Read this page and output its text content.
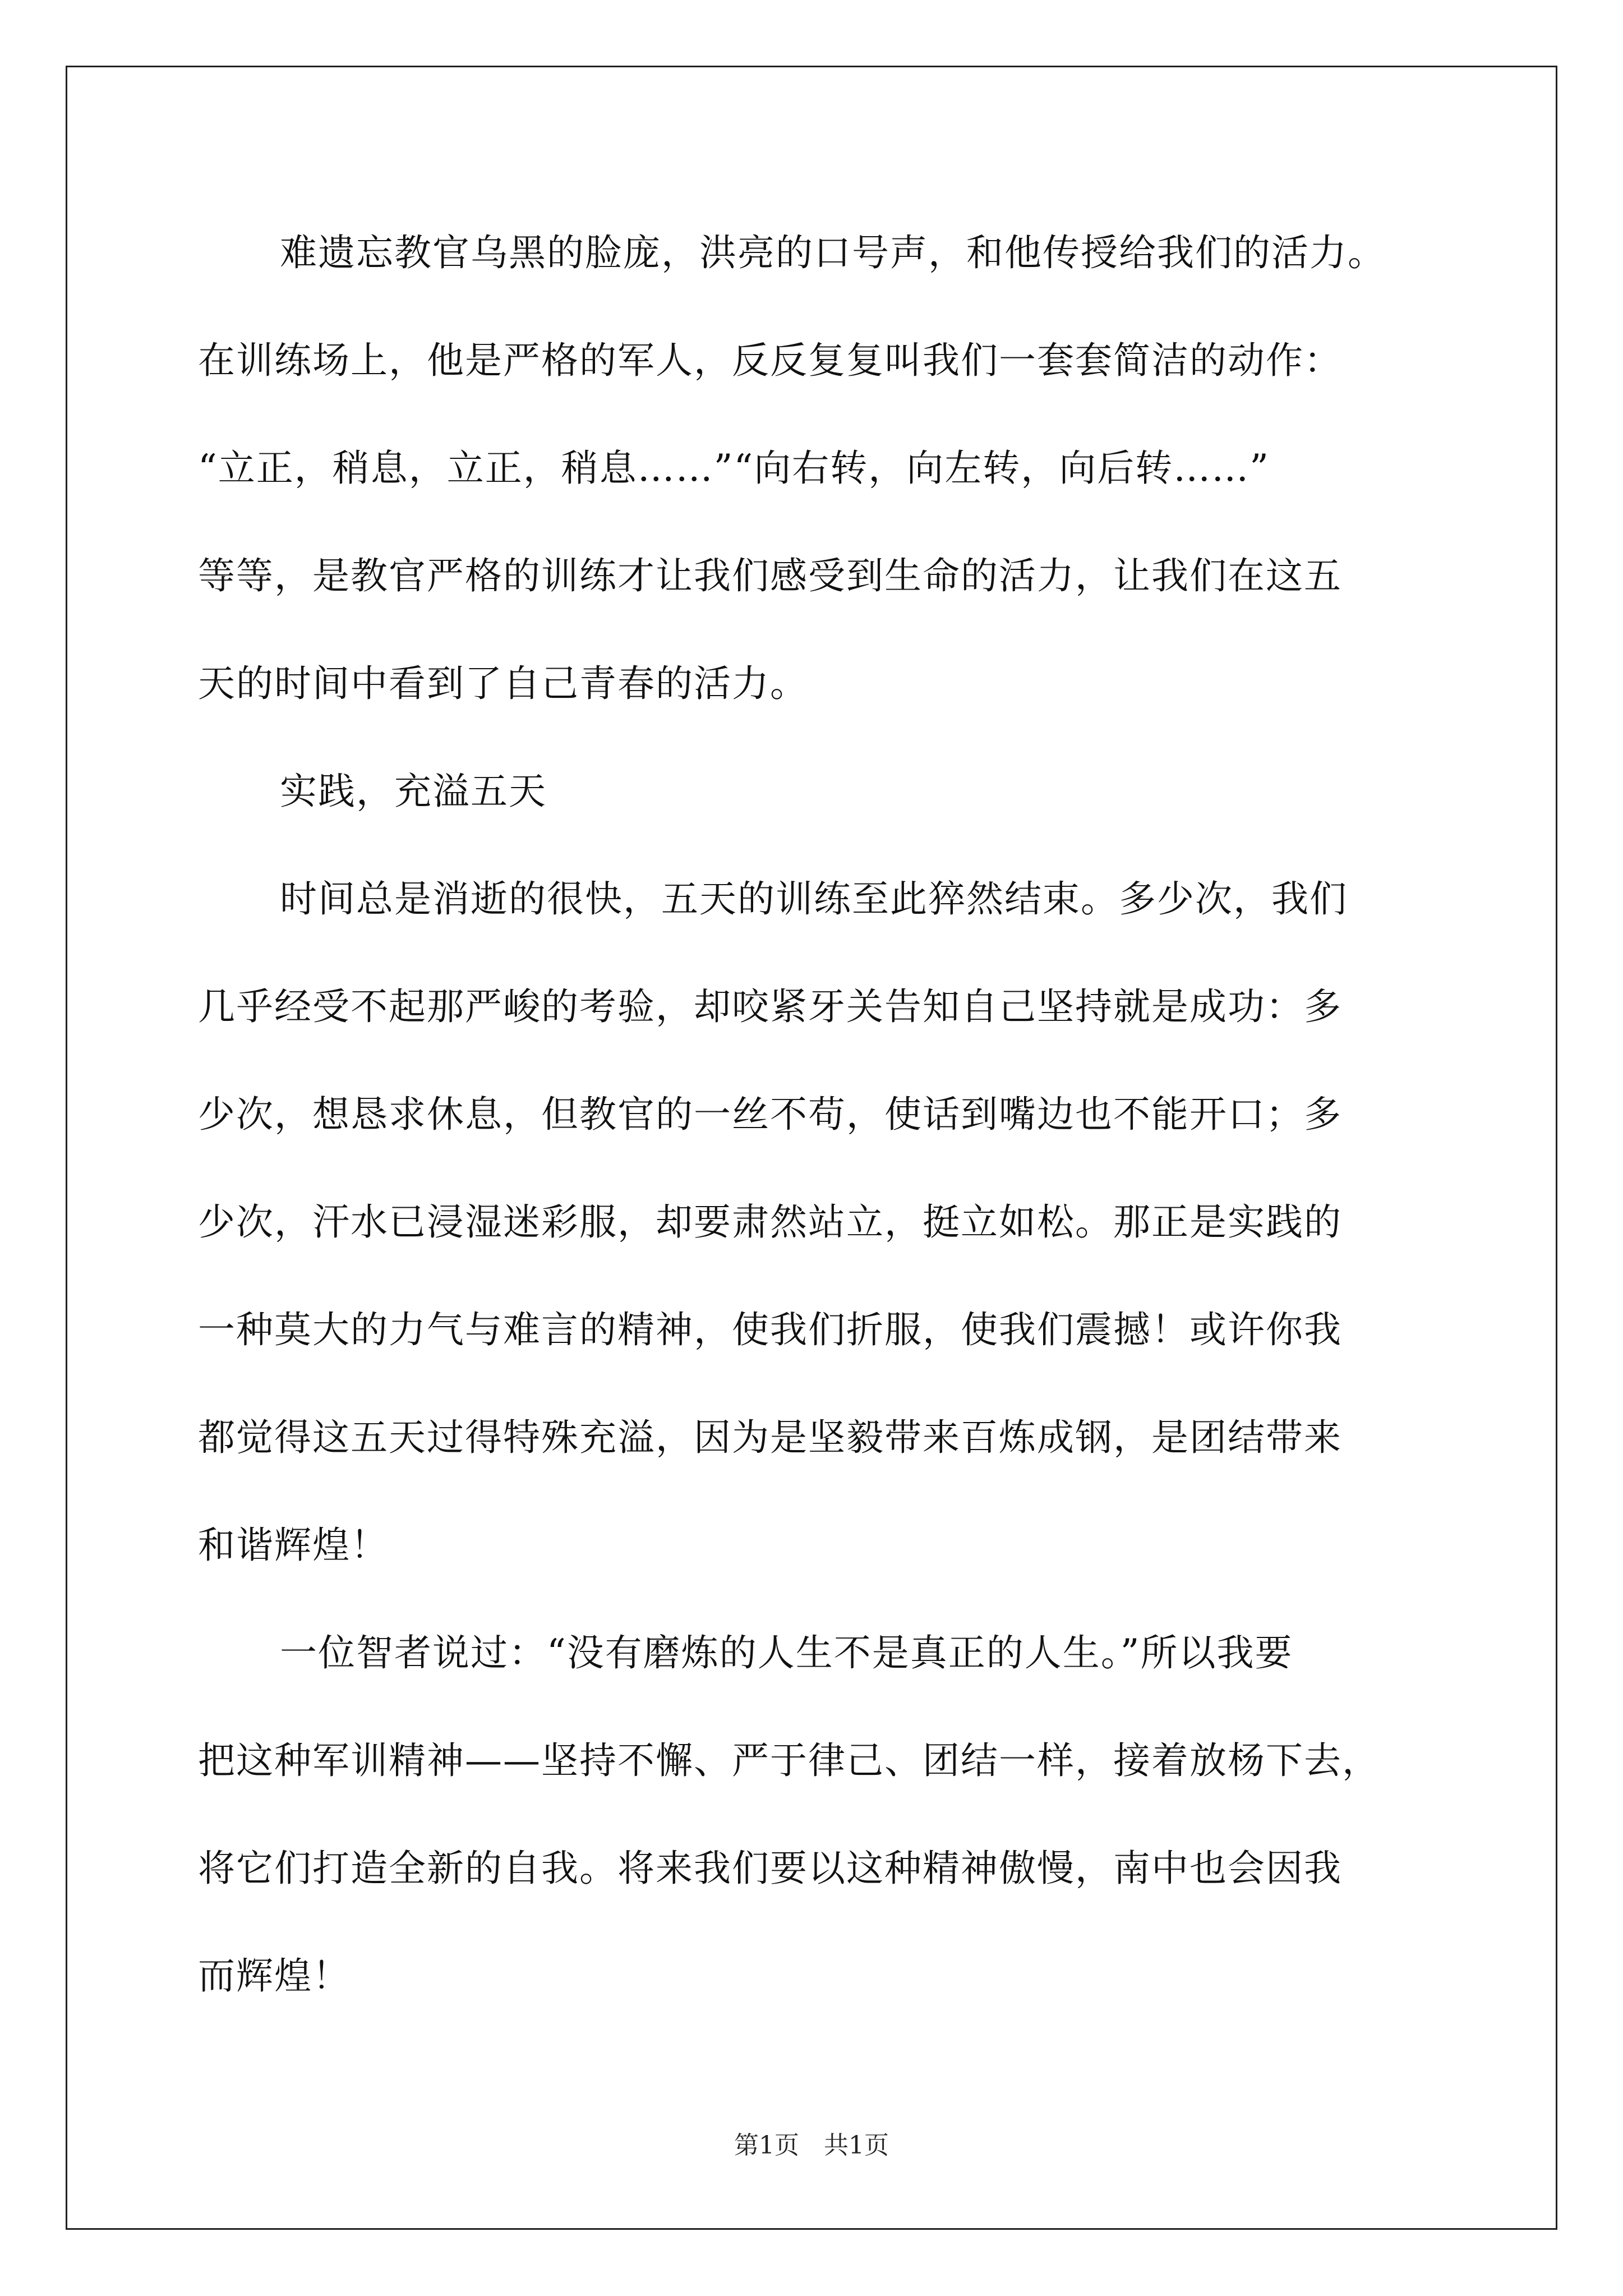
难遗忘教官乌黑的脸庞，洪亮的口号声，和他传授给我们的活力。
在训练场上，他是严格的军人，反反复复叫我们一套套简洁的动作：
“立正，稍息，立正，稍息……”“向右转，向左转，向后转……”
等等，是教官严格的训练才让我们感受到生命的活力，让我们在这五
天的时间中看到了自己青春的活力。
实践，充溢五天
时间总是消逝的很快，五天的训练至此猝然结束。多少次，我们
几乎经受不起那严峻的考验，却咬紧牙关告知自己坚持就是成功：多
少次，想恳求休息，但教官的一丝不苟，使话到嘴边也不能开口；多
少次，汗水已浸湿迷彩服，却要肃然站立，挺立如松。那正是实践的
一种莫大的力气与难言的精神，使我们折服，使我们震撼！或许你我
都觉得这五天过得特殊充溢，因为是坚毅带来百炼成钢，是团结带来
和谐辉煌！
一位智者说过：“没有磨炼的人生不是真正的人生。”所以我要
把这种军训精神——坚持不懈、严于律己、团结一样，接着放杨下去，
将它们打造全新的自我。将来我们要以这种精神傲慢，南中也会因我
而辉煌！
第1页 共1页
